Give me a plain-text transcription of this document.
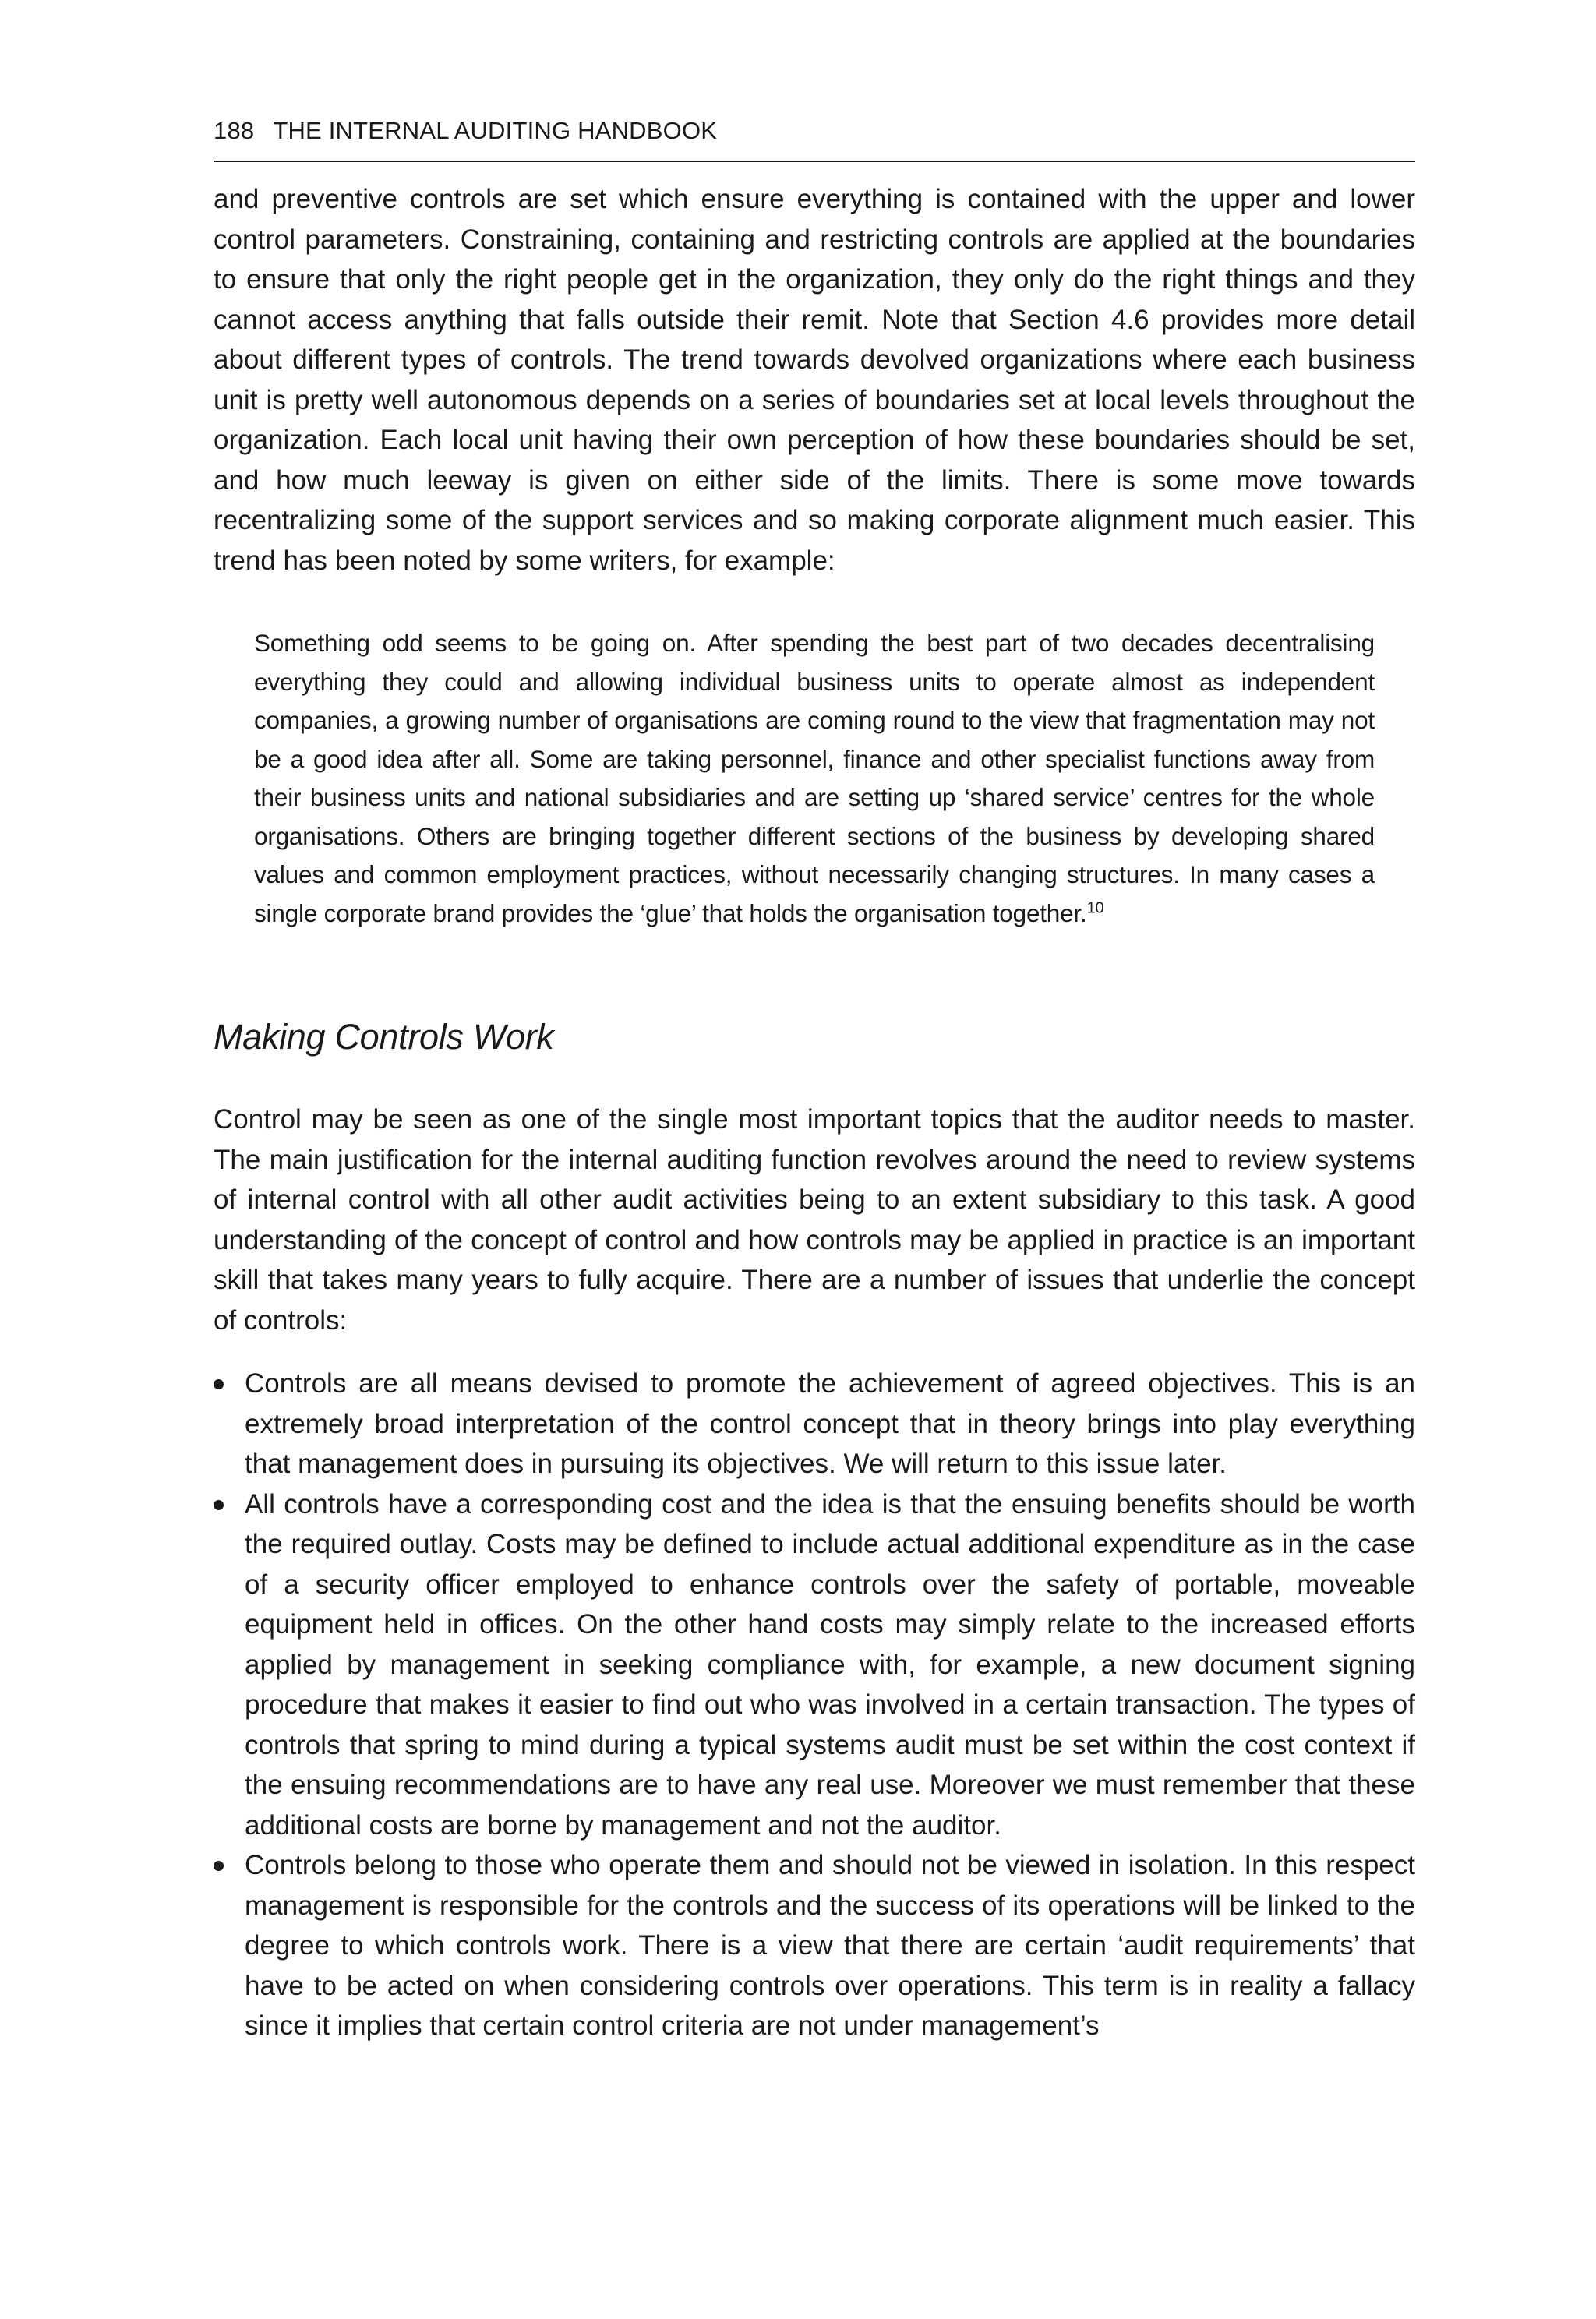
188 THE INTERNAL AUDITING HANDBOOK

and preventive controls are set which ensure everything is contained with the upper and lower control parameters. Constraining, containing and restricting controls are applied at the boundaries to ensure that only the right people get in the organization, they only do the right things and they cannot access anything that falls outside their remit. Note that Section 4.6 provides more detail about different types of controls. The trend towards devolved organizations where each business unit is pretty well autonomous depends on a series of boundaries set at local levels throughout the organization. Each local unit having their own perception of how these boundaries should be set, and how much leeway is given on either side of the limits. There is some move towards recentralizing some of the support services and so making corporate alignment much easier. This trend has been noted by some writers, for example:

Something odd seems to be going on. After spending the best part of two decades decentralising everything they could and allowing individual business units to operate almost as independent companies, a growing number of organisations are coming round to the view that fragmentation may not be a good idea after all. Some are taking personnel, finance and other specialist functions away from their business units and national subsidiaries and are setting up ‘shared service’ centres for the whole organisations. Others are bringing together different sections of the business by developing shared values and common employment practices, without necessarily changing structures. In many cases a single corporate brand provides the ‘glue’ that holds the organisation together.$^{10}$
Making Controls Work

Control may be seen as one of the single most important topics that the auditor needs to master. The main justification for the internal auditing function revolves around the need to review systems of internal control with all other audit activities being to an extent subsidiary to this task. A good understanding of the concept of control and how controls may be applied in practice is an important skill that takes many years to fully acquire. There are a number of issues that underlie the concept of controls:

Controls are all means devised to promote the achievement of agreed objectives. This is an extremely broad interpretation of the control concept that in theory brings into play everything that management does in pursuing its objectives. We will return to this issue later.
All controls have a corresponding cost and the idea is that the ensuing benefits should be worth the required outlay. Costs may be defined to include actual additional expenditure as in the case of a security officer employed to enhance controls over the safety of portable, moveable equipment held in offices. On the other hand costs may simply relate to the increased efforts applied by management in seeking compliance with, for example, a new document signing procedure that makes it easier to find out who was involved in a certain transaction. The types of controls that spring to mind during a typical systems audit must be set within the cost context if the ensuing recommendations are to have any real use. Moreover we must remember that these additional costs are borne by management and not the auditor.
Controls belong to those who operate them and should not be viewed in isolation. In this respect management is responsible for the controls and the success of its operations will be linked to the degree to which controls work. There is a view that there are certain ‘audit requirements’ that have to be acted on when considering controls over operations. This term is in reality a fallacy since it implies that certain control criteria are not under management’s
